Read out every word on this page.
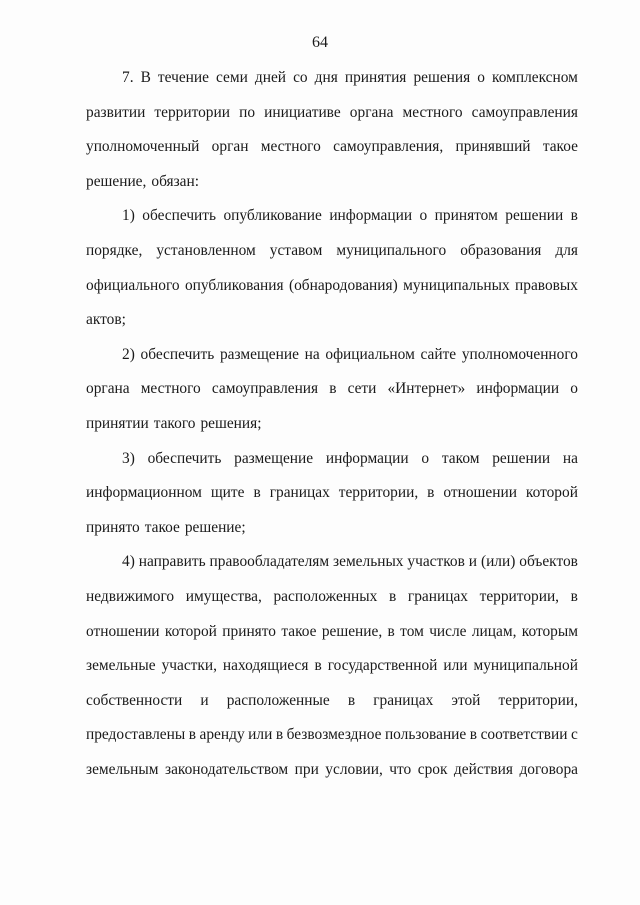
64
7. В течение семи дней со дня принятия решения о комплексном
развитии территории по инициативе органа местного самоуправления
уполномоченный орган местного самоуправления, принявший такое
решение, обязан:
1) обеспечить опубликование информации о принятом решении в
порядке, установленном уставом муниципального образования для
официального опубликования (обнародования) муниципальных правовых
актов;
2) обеспечить размещение на официальном сайте уполномоченного
органа местного самоуправления в сети «Интернет» информации о
принятии такого решения;
3) обеспечить размещение информации о таком решении на
информационном щите в границах территории, в отношении которой
принято такое решение;
4) направить правообладателям земельных участков и (или) объектов
недвижимого имущества, расположенных в границах территории, в
отношении которой принято такое решение, в том числе лицам, которым
земельные участки, находящиеся в государственной или муниципальной
собственности и расположенные в границах этой территории,
предоставлены в аренду или в безвозмездное пользование в соответствии с
земельным законодательством при условии, что срок действия договора
